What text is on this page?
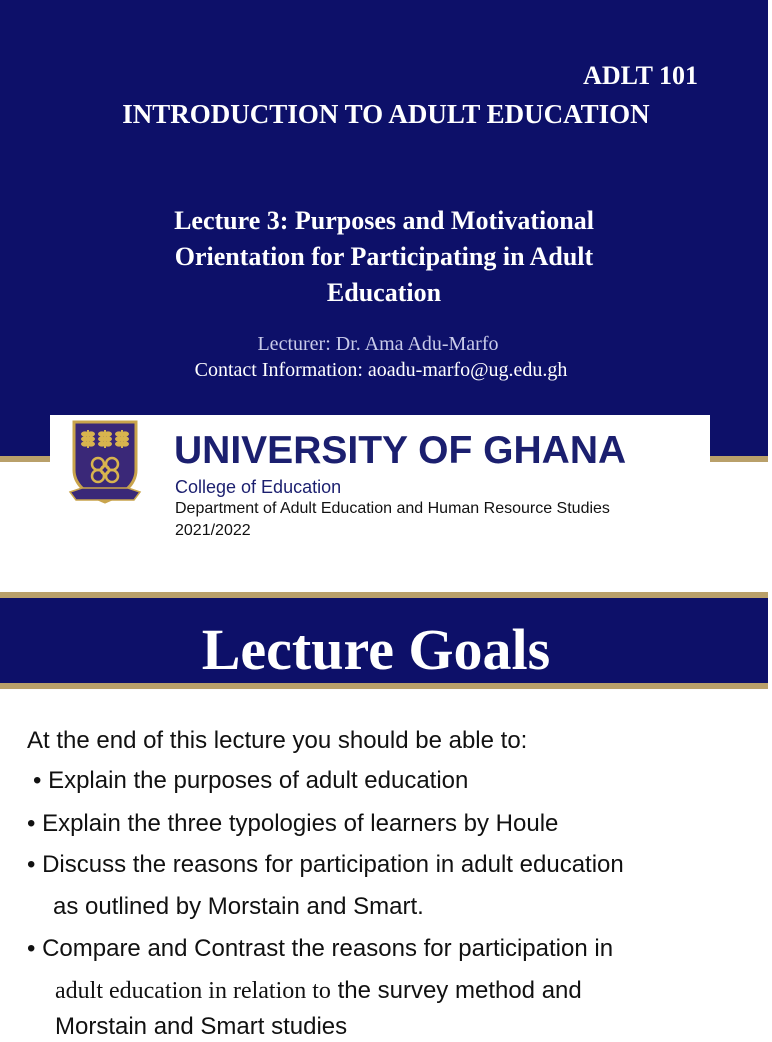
ADLT 101
INTRODUCTION TO ADULT EDUCATION
Lecture 3: Purposes and Motivational
Orientation for Participating in Adult
Education
Lecturer: Dr. Ama Adu-Marfo
Contact Information: aoadu-marfo@ug.edu.gh
UNIVERSITY OF GHANA
College of Education
Department of Adult Education and Human Resource Studies
2021/2022
Lecture Goals
At the end of this lecture you should be able to:
• Explain the purposes of adult education
• Explain the three typologies of learners by Houle
• Discuss the reasons for participation in adult education
as outlined by Morstain and Smart.
• Compare and Contrast the reasons for participation in
adult education in relation to the survey method and
Morstain and Smart studies
